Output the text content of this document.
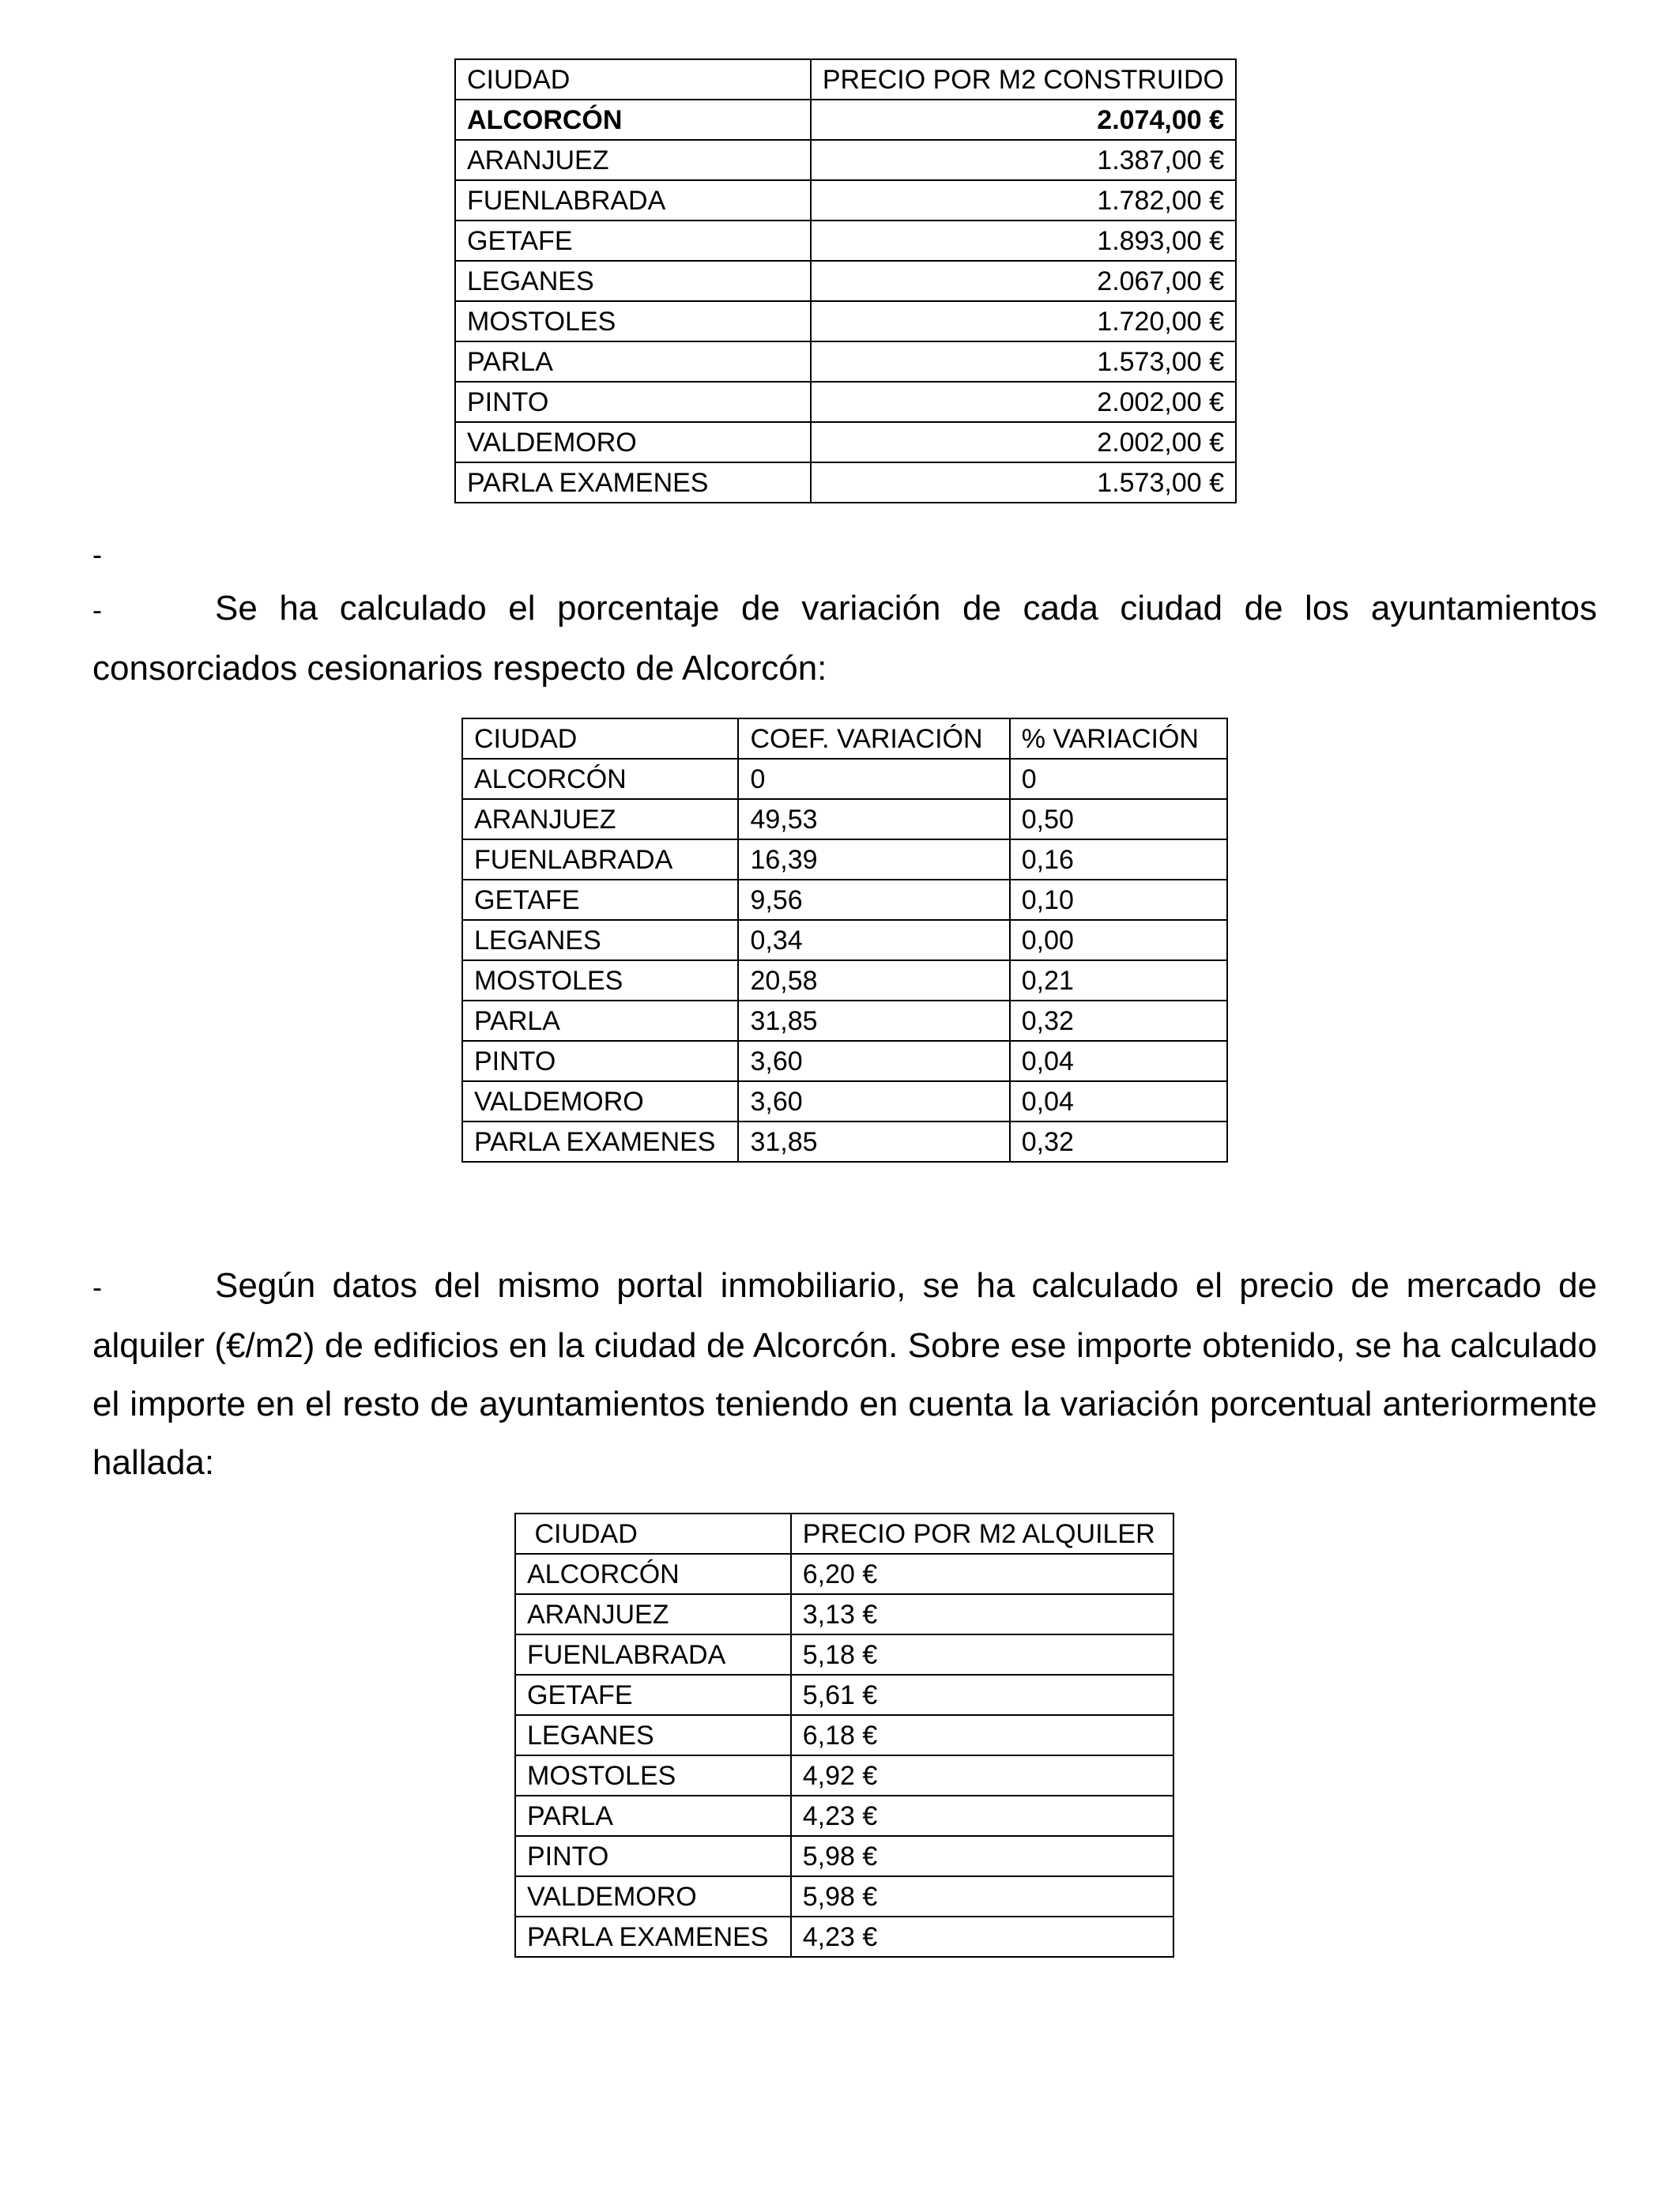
CIUDAD	PRECIO POR M2 CONSTRUIDO
ALCORCÓN	2.074,00 €
ARANJUEZ	1.387,00 €
FUENLABRADA	1.782,00 €
GETAFE	1.893,00 €
LEGANES	2.067,00 €
MOSTOLES	1.720,00 €
PARLA	1.573,00 €
PINTO	2.002,00 €
VALDEMORO	2.002,00 €
PARLA EXAMENES	1.573,00 €
-

-	Se ha calculado el porcentaje de variación de cada ciudad de los ayuntamientos consorciados cesionarios respecto de Alcorcón:

CIUDAD	COEF. VARIACIÓN	% VARIACIÓN
ALCORCÓN	0	0
ARANJUEZ	49,53	0,50
FUENLABRADA	16,39	0,16
GETAFE	9,56	0,10
LEGANES	0,34	0,00
MOSTOLES	20,58	0,21
PARLA	31,85	0,32
PINTO	3,60	0,04
VALDEMORO	3,60	0,04
PARLA EXAMENES	31,85	0,32

-	Según datos del mismo portal inmobiliario, se ha calculado el precio de mercado de alquiler (€/m2) de edificios en la ciudad de Alcorcón. Sobre ese importe obtenido, se ha calculado el importe en el resto de ayuntamientos teniendo en cuenta la variación porcentual anteriormente hallada:

CIUDAD	PRECIO POR M2 ALQUILER
ALCORCÓN	6,20 €
ARANJUEZ	3,13 €
FUENLABRADA	5,18 €
GETAFE	5,61 €
LEGANES	6,18 €
MOSTOLES	4,92 €
PARLA	4,23 €
PINTO	5,98 €
VALDEMORO	5,98 €
PARLA EXAMENES	4,23 €
